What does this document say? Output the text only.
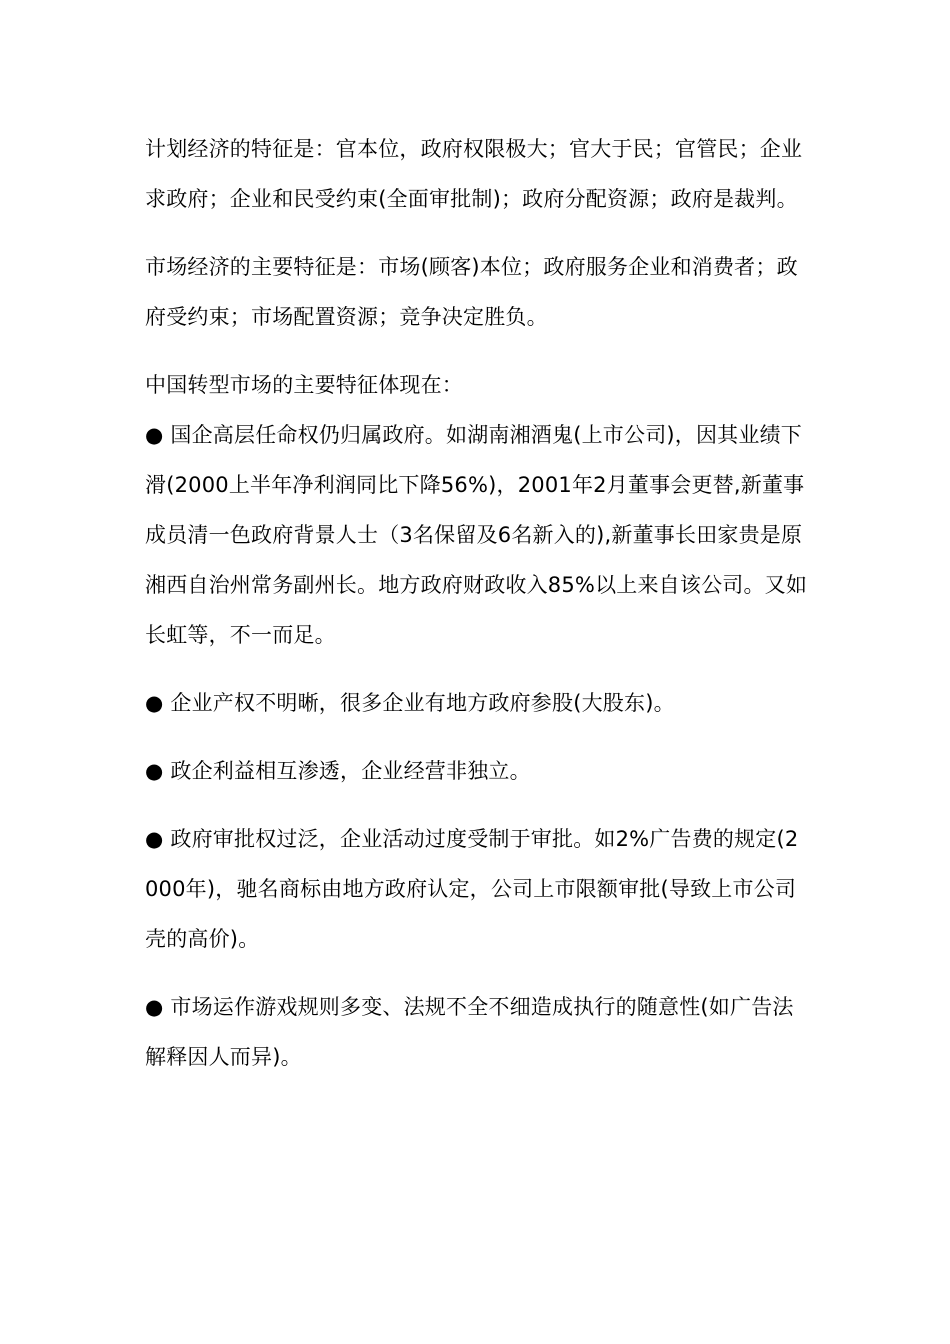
计划经济的特征是：官本位，政府权限极大；官大于民；官管民；企业求政府；企业和民受约束(全面审批制)；政府分配资源；政府是裁判。

市场经济的主要特征是：市场(顾客)本位；政府服务企业和消费者；政府受约束；市场配置资源；竞争决定胜负。

中国转型市场的主要特征体现在：

● 国企高层任命权仍归属政府。如湖南湘酒鬼(上市公司)，因其业绩下滑(2000上半年净利润同比下降56%)，2001年2月董事会更替,新董事成员清一色政府背景人士（3名保留及6名新入的),新董事长田家贵是原湘西自治州常务副州长。地方政府财政收入85%以上来自该公司。又如长虹等，不一而足。

● 企业产权不明晰，很多企业有地方政府参股(大股东)。

● 政企利益相互渗透，企业经营非独立。

● 政府审批权过泛，企业活动过度受制于审批。如2%广告费的规定(2000年)，驰名商标由地方政府认定，公司上市限额审批(导致上市公司壳的高价)。

● 市场运作游戏规则多变、法规不全不细造成执行的随意性(如广告法解释因人而异)。
